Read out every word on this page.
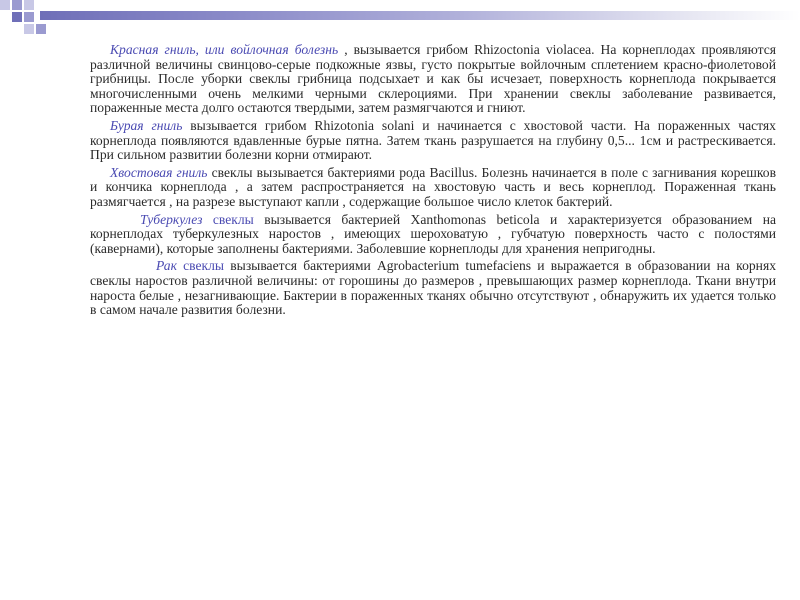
Красная гниль, или войлочная болезнь , вызывается грибом Rhizoctonia violacea. На корнеплодах проявляются различной величины свинцово-серые подкожные язвы, густо покрытые войлочным сплетением красно-фиолетовой грибницы. После уборки свеклы грибница подсыхает и как бы исчезает, поверхность корнеплода покрывается многочисленными очень мелкими черными склероциями. При хранении свеклы заболевание развивается, пораженные места долго остаются твердыми, затем размягчаются и гниют.

Бурая гниль вызывается грибом Rhizotonia solani и начинается с хвостовой части. На пораженных частях корнеплода появляются вдавленные бурые пятна. Затем ткань разрушается на глубину 0,5... 1см и растрескивается. При сильном развитии болезни корни отмирают.

Хвостовая гниль свеклы вызывается бактериями рода Bacillus. Болезнь начинается в поле с загнивания корешков и кончика корнеплода , а затем распространяется на хвостовую часть и весь корнеплод. Пораженная ткань размягчается , на разрезе выступают капли , содержащие большое число клеток бактерий.

Туберкулез свеклы вызывается бактерией Xanthomonas beticola и характеризуется образованием на корнеплодах туберкулезных наростов , имеющих шероховатую , губчатую поверхность часто с полостями (кавернами), которые заполнены бактериями. Заболевшие корнеплоды для хранения непригодны.

Рак свеклы вызывается бактериями Agrobacterium tumefaciens и выражается в образовании на корнях свеклы наростов различной величины: от горошины до размеров , превышающих размер корнеплода. Ткани внутри нароста белые , незагнивающие. Бактерии в пораженных тканях обычно отсутствуют , обнаружить их удается только в самом начале развития болезни.
